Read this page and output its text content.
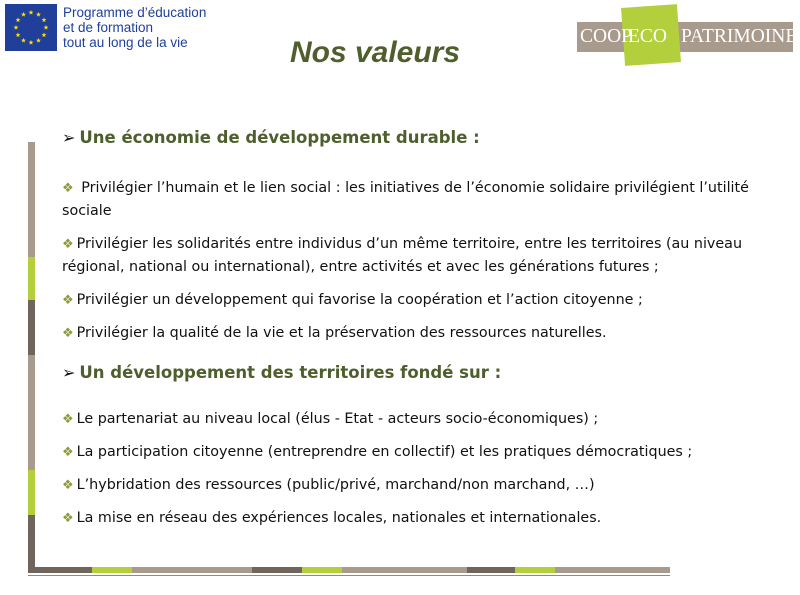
Programme d’éducation
et de formation
tout au long de la vie	COOP
ECO PATRIMOINE
Nos valeurs
➢ Une économie de développement durable :
❖ Privilégier l’humain et le lien social : les initiatives de l’économie solidaire privilégient l’utilité sociale
❖ Privilégier les solidarités entre individus d’un même territoire, entre les territoires (au niveau régional, national ou international), entre activités et avec les générations futures ;
❖ Privilégier un développement qui favorise la coopération et l’action citoyenne ;
❖ Privilégier la qualité de la vie et la préservation des ressources naturelles.
➢ Un développement des territoires fondé sur :
❖ Le partenariat au niveau local (élus - Etat - acteurs socio-économiques) ;
❖ La participation citoyenne (entreprendre en collectif) et les pratiques démocratiques ;
❖ L’hybridation des ressources (public/privé, marchand/non marchand, …)
❖ La mise en réseau des expériences locales, nationales et internationales.
